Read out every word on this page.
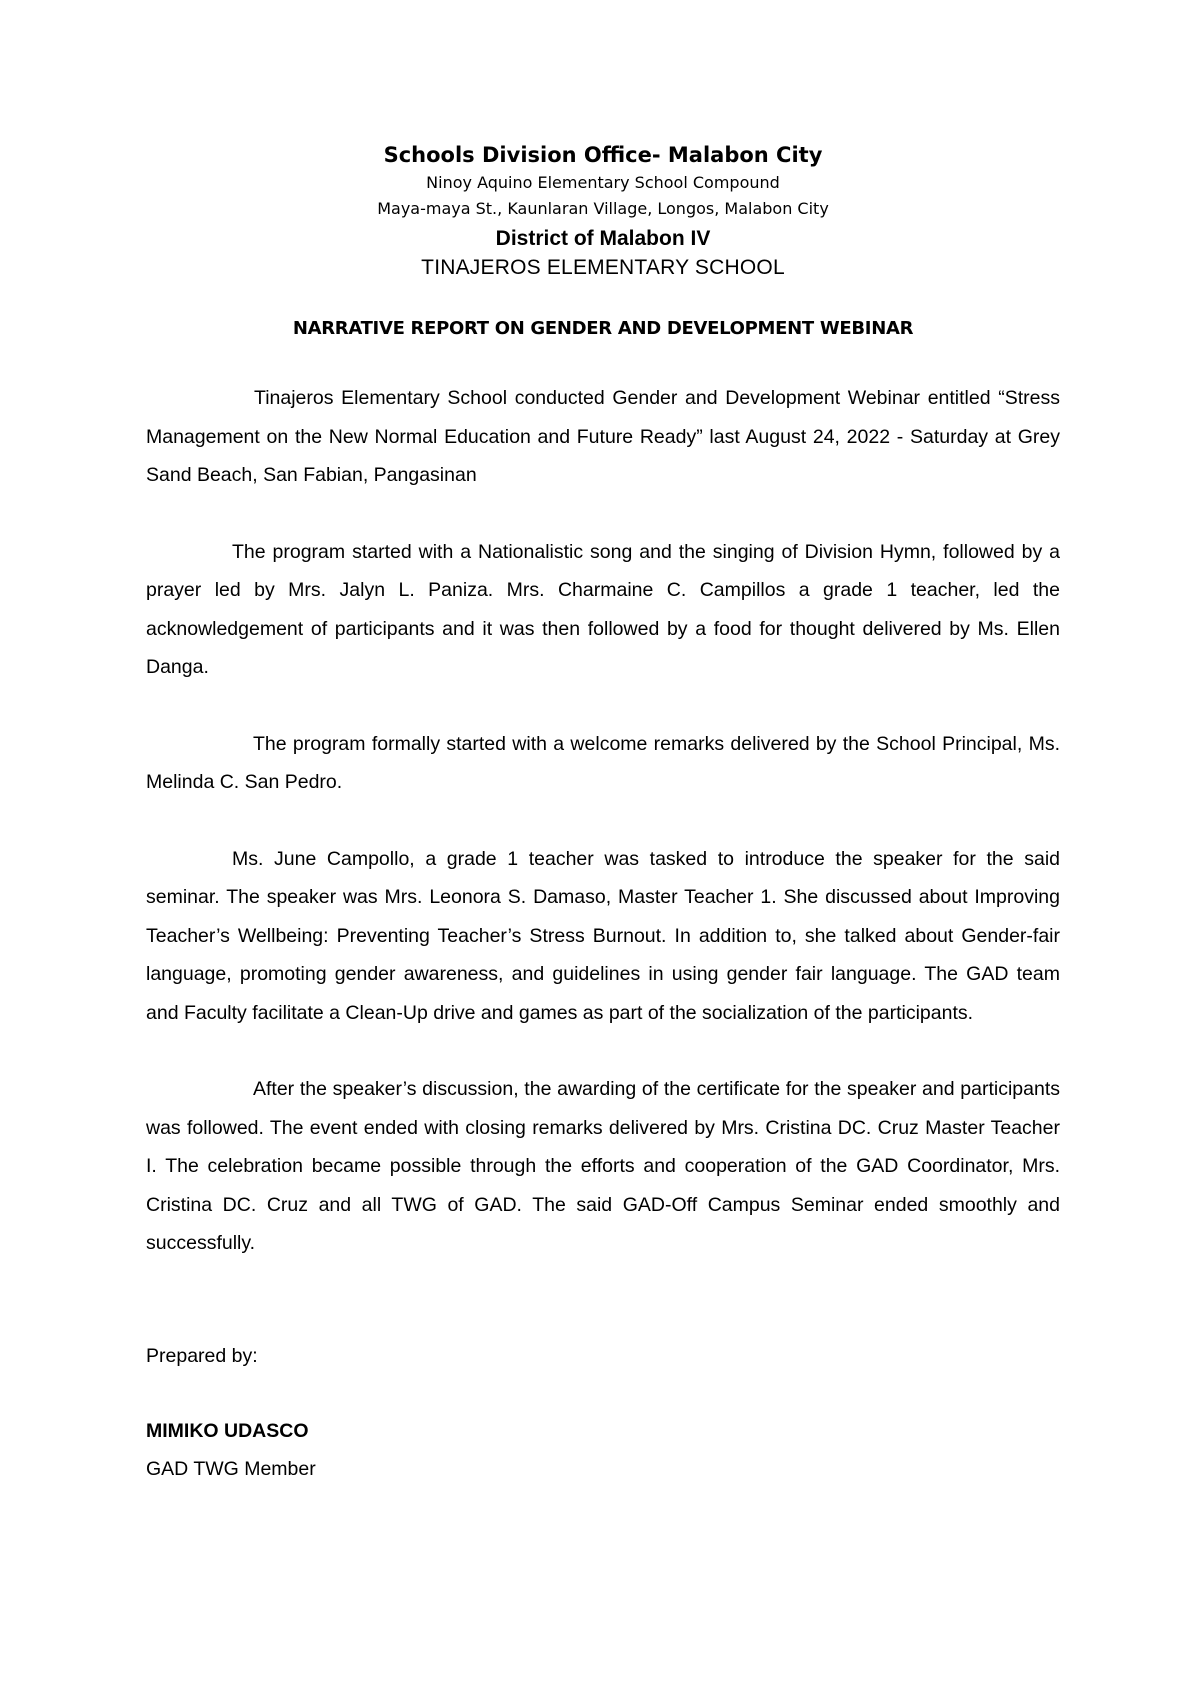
Schools Division Office- Malabon City

Ninoy Aquino Elementary School Compound

Maya-maya St., Kaunlaran Village, Longos, Malabon City

District of Malabon IV

TINAJEROS ELEMENTARY SCHOOL

NARRATIVE REPORT ON GENDER AND DEVELOPMENT WEBINAR

Tinajeros Elementary School conducted Gender and Development Webinar entitled “Stress Management on the New Normal Education and Future Ready” last August 24, 2022 - Saturday at Grey Sand Beach, San Fabian, Pangasinan

The program started with a Nationalistic song and the singing of Division Hymn, followed by a prayer led by Mrs. Jalyn L. Paniza. Mrs. Charmaine C. Campillos a grade 1 teacher, led the acknowledgement of participants and it was then followed by a food for thought delivered by Ms. Ellen Danga.

The program formally started with a welcome remarks delivered by the School Principal, Ms. Melinda C. San Pedro.

Ms. June Campollo, a grade 1 teacher was tasked to introduce the speaker for the said seminar. The speaker was Mrs. Leonora S. Damaso, Master Teacher 1. She discussed about Improving Teacher’s Wellbeing: Preventing Teacher’s Stress Burnout. In addition to, she talked about Gender-fair language, promoting gender awareness, and guidelines in using gender fair language. The GAD team and Faculty facilitate a Clean-Up drive and games as part of the socialization of the participants.

After the speaker’s discussion, the awarding of the certificate for the speaker and participants was followed. The event ended with closing remarks delivered by Mrs. Cristina DC. Cruz Master Teacher I. The celebration became possible through the efforts and cooperation of the GAD Coordinator, Mrs. Cristina DC. Cruz and all TWG of GAD. The said GAD-Off Campus Seminar ended smoothly and successfully.

Prepared by:

MIMIKO UDASCO

GAD TWG Member
